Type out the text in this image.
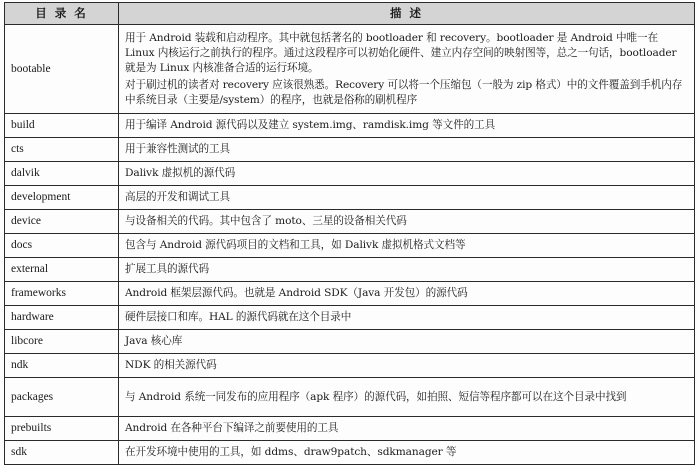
目 录 名	描 述
bootable	用于 Android 装载和启动程序。其中就包括著名的 bootloader 和 recovery。bootloader 是 Android 中唯一在 Linux 内核运行之前执行的程序。通过这段程序可以初始化硬件、建立内存空间的映射图等，总之一句话，bootloader 就是为 Linux 内核准备合适的运行环境。
对于刷过机的读者对 recovery 应该很熟悉。Recovery 可以将一个压缩包（一般为 zip 格式）中的文件覆盖到手机内存中系统目录（主要是/system）的程序，也就是俗称的刷机程序

build	用于编译 Android 源代码以及建立 system.img、ramdisk.img 等文件的工具
cts	用于兼容性测试的工具
dalvik	Dalivk 虚拟机的源代码
development	高层的开发和调试工具
device	与设备相关的代码。其中包含了 moto、三星的设备相关代码
docs	包含与 Android 源代码项目的文档和工具，如 Dalivk 虚拟机格式文档等
external	扩展工具的源代码
frameworks	Android 框架层源代码。也就是 Android SDK（Java 开发包）的源代码
hardware	硬件层接口和库。HAL 的源代码就在这个目录中
libcore	Java 核心库
ndk	NDK 的相关源代码
packages	与 Android 系统一同发布的应用程序（apk 程序）的源代码，如拍照、短信等程序都可以在这个目录中找到
prebuilts	Android 在各种平台下编译之前要使用的工具
sdk	在开发环境中使用的工具，如 ddms、draw9patch、sdkmanager 等
